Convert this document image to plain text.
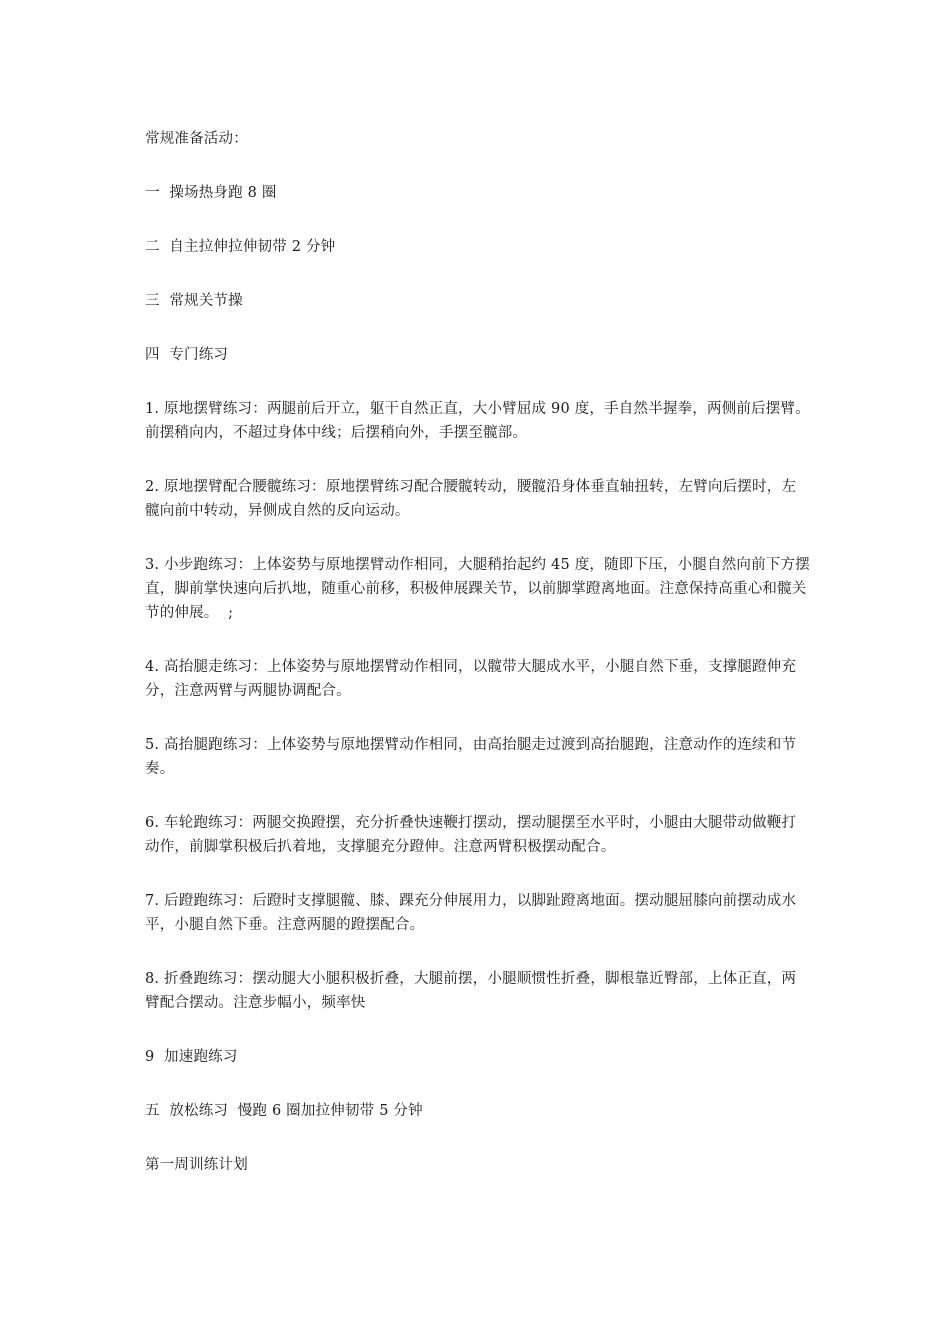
常规准备活动：

一  操场热身跑 8 圈

二  自主拉伸拉伸韧带 2 分钟

三  常规关节操

四  专门练习

1. 原地摆臂练习：两腿前后开立，躯干自然正直，大小臂屈成 90 度，手自然半握拳，两侧前后摆臂。前摆稍向内，不超过身体中线；后摆稍向外，手摆至髋部。

2. 原地摆臂配合腰髋练习：原地摆臂练习配合腰髋转动，腰髋沿身体垂直轴扭转，左臂向后摆时，左髋向前中转动，异侧成自然的反向运动。

3. 小步跑练习：上体姿势与原地摆臂动作相同，大腿稍抬起约 45 度，随即下压，小腿自然向前下方摆直，脚前掌快速向后扒地，随重心前移，积极伸展踝关节，以前脚掌蹬离地面。注意保持高重心和髋关节的伸展。  ;

4. 高抬腿走练习：上体姿势与原地摆臂动作相同，以髋带大腿成水平，小腿自然下垂，支撑腿蹬伸充分，注意两臂与两腿协调配合。

5. 高抬腿跑练习：上体姿势与原地摆臂动作相同，由高抬腿走过渡到高抬腿跑，注意动作的连续和节奏。

6. 车轮跑练习：两腿交换蹬摆，充分折叠快速鞭打摆动，摆动腿摆至水平时，小腿由大腿带动做鞭打动作，前脚掌积极后扒着地，支撑腿充分蹬伸。注意两臂积极摆动配合。

7. 后蹬跑练习：后蹬时支撑腿髋、膝、踝充分伸展用力，以脚趾蹬离地面。摆动腿屈膝向前摆动成水平，小腿自然下垂。注意两腿的蹬摆配合。

8. 折叠跑练习：摆动腿大小腿积极折叠，大腿前摆，小腿顺惯性折叠，脚根靠近臀部，上体正直，两臂配合摆动。注意步幅小，频率快

9  加速跑练习

五  放松练习  慢跑 6 圈加拉伸韧带 5 分钟

第一周训练计划
